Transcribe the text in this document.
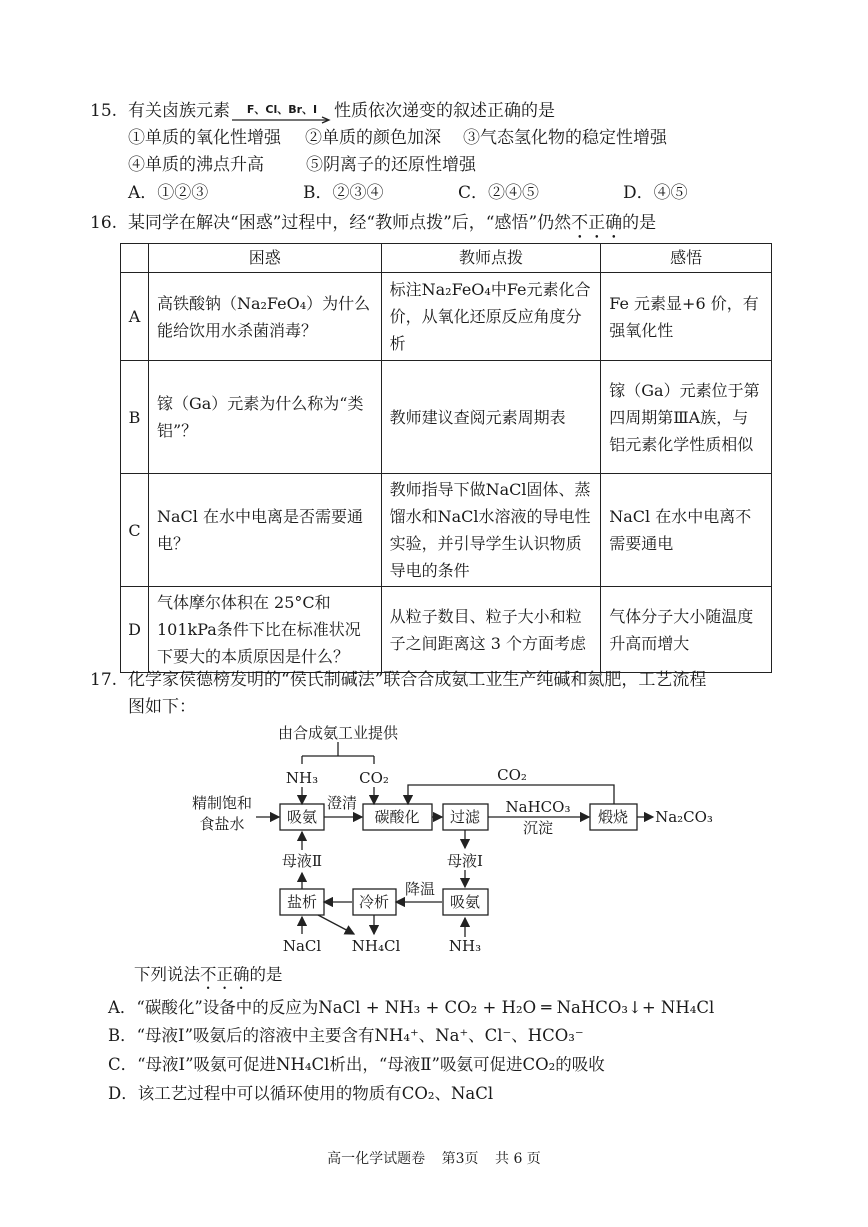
15. 有关卤族元素 F、Cl、Br、I 性质依次递变的叙述正确的是
①单质的氧化性增强 ②单质的颜色加深 ③气态氢化物的稳定性增强
④单质的沸点升高 ⑤阴离子的还原性增强
A．①②③	B．②③④	C．②④⑤	D．④⑤
16. 某同学在解决“困惑”过程中，经“教师点拨”后，“感悟”仍然不正确的是
	困惑	教师点拨	感悟
A	高铁酸钠（Na₂FeO₄）为什么能给饮用水杀菌消毒？	标注Na₂FeO₄中Fe元素化合价，从氧化还原反应角度分析	Fe 元素显+6 价，有强氧化性
B	镓（Ga）元素为什么称为“类铝”？	教师建议查阅元素周期表	镓（Ga）元素位于第四周期第ⅢA族，与铝元素化学性质相似
C	NaCl 在水中电离是否需要通电？	教师指导下做NaCl固体、蒸馏水和NaCl水溶液的导电性实验，并引导学生认识物质导电的条件	NaCl 在水中电离不需要通电
D	气体摩尔体积在 25°C和101kPa条件下比在标准状况下要大的本质原因是什么？	从粒子数目、粒子大小和粒子之间距离这 3 个方面考虑	气体分子大小随温度升高而增大
17. 化学家侯德榜发明的“侯氏制碱法”联合合成氨工业生产纯碱和氮肥，工艺流程
图如下：
由合成氨工业提供
NH₃	CO₂	CO₂
精制饱和
食盐水	吸氨
澄清
碳酸化 过滤
NaHCO₃
沉淀
煅烧 Na₂CO₃
母液Ⅱ	母液Ⅰ
盐析	冷析
降温
吸氨
NaCl NH₄Cl	NH₃
下列说法不正确的是
A．“碳酸化”设备中的反应为NaCl + NH₃ + CO₂ + H₂O ═ NaHCO₃↓+ NH₄Cl
B．“母液Ⅰ”吸氨后的溶液中主要含有NH₄⁺、Na⁺、Cl⁻、HCO₃⁻
C．“母液Ⅰ”吸氨可促进NH₄Cl析出，“母液Ⅱ”吸氨可促进CO₂的吸收
D．该工艺过程中可以循环使用的物质有CO₂、NaCl
高一化学试题卷 第3页 共 6 页
